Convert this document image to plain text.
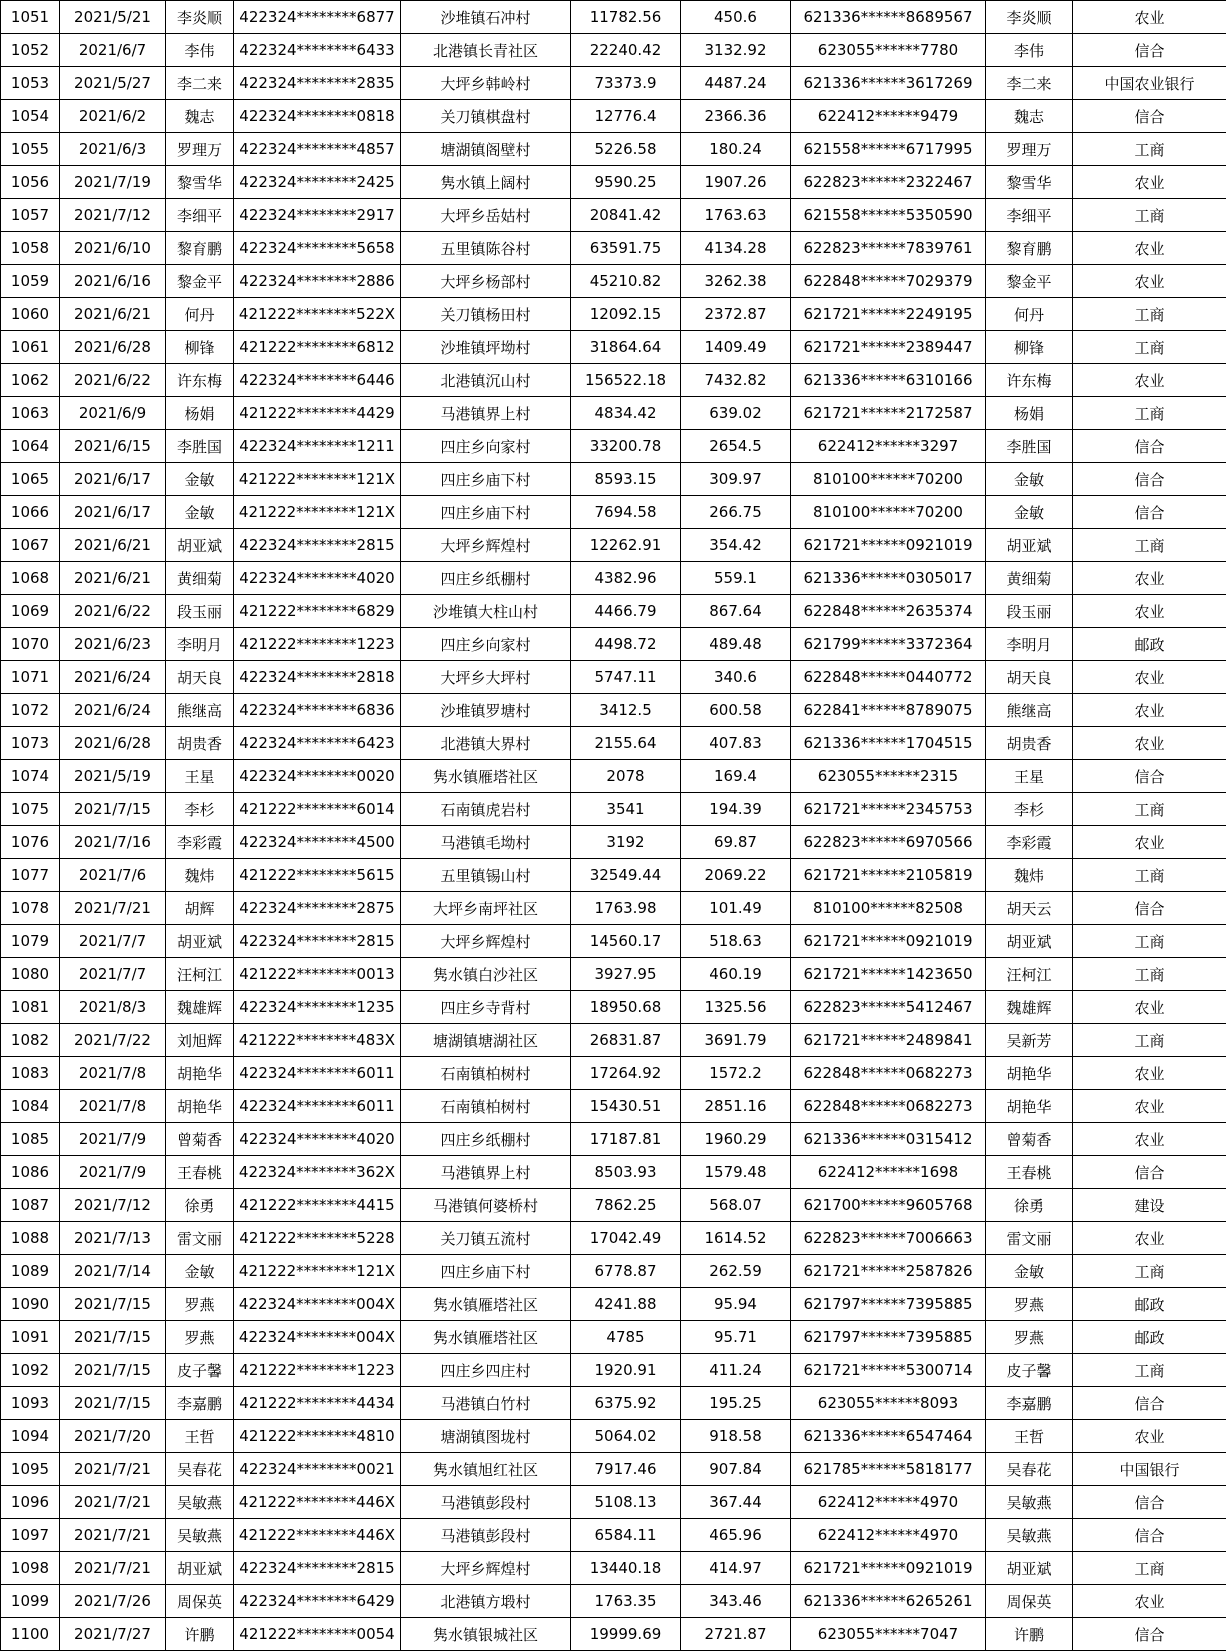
1051	2021/5/21	李炎顺	422324********6877	沙堆镇石冲村	11782.56	450.6	621336******8689567	李炎顺	农业
1052	2021/6/7	李伟	422324********6433	北港镇长青社区	22240.42	3132.92	623055******7780	李伟	信合
1053	2021/5/27	李二来	422324********2835	大坪乡韩岭村	73373.9	4487.24	621336******3617269	李二来	中国农业银行
1054	2021/6/2	魏志	422324********0818	关刀镇棋盘村	12776.4	2366.36	622412******9479	魏志	信合
1055	2021/6/3	罗理万	422324********4857	塘湖镇阁壁村	5226.58	180.24	621558******6717995	罗理万	工商
1056	2021/7/19	黎雪华	422324********2425	隽水镇上阔村	9590.25	1907.26	622823******2322467	黎雪华	农业
1057	2021/7/12	李细平	422324********2917	大坪乡岳姑村	20841.42	1763.63	621558******5350590	李细平	工商
1058	2021/6/10	黎育鹏	422324********5658	五里镇陈谷村	63591.75	4134.28	622823******7839761	黎育鹏	农业
1059	2021/6/16	黎金平	422324********2886	大坪乡杨部村	45210.82	3262.38	622848******7029379	黎金平	农业
1060	2021/6/21	何丹	421222********522X	关刀镇杨田村	12092.15	2372.87	621721******2249195	何丹	工商
1061	2021/6/28	柳锋	421222********6812	沙堆镇坪坳村	31864.64	1409.49	621721******2389447	柳锋	工商
1062	2021/6/22	许东梅	422324********6446	北港镇沉山村	156522.18	7432.82	621336******6310166	许东梅	农业
1063	2021/6/9	杨娟	421222********4429	马港镇界上村	4834.42	639.02	621721******2172587	杨娟	工商
1064	2021/6/15	李胜国	422324********1211	四庄乡向家村	33200.78	2654.5	622412******3297	李胜国	信合
1065	2021/6/17	金敏	421222********121X	四庄乡庙下村	8593.15	309.97	810100******70200	金敏	信合
1066	2021/6/17	金敏	421222********121X	四庄乡庙下村	7694.58	266.75	810100******70200	金敏	信合
1067	2021/6/21	胡亚斌	422324********2815	大坪乡辉煌村	12262.91	354.42	621721******0921019	胡亚斌	工商
1068	2021/6/21	黄细菊	422324********4020	四庄乡纸棚村	4382.96	559.1	621336******0305017	黄细菊	农业
1069	2021/6/22	段玉丽	421222********6829	沙堆镇大柱山村	4466.79	867.64	622848******2635374	段玉丽	农业
1070	2021/6/23	李明月	421222********1223	四庄乡向家村	4498.72	489.48	621799******3372364	李明月	邮政
1071	2021/6/24	胡天良	422324********2818	大坪乡大坪村	5747.11	340.6	622848******0440772	胡天良	农业
1072	2021/6/24	熊继高	422324********6836	沙堆镇罗塘村	3412.5	600.58	622841******8789075	熊继高	农业
1073	2021/6/28	胡贵香	422324********6423	北港镇大界村	2155.64	407.83	621336******1704515	胡贵香	农业
1074	2021/5/19	王星	422324********0020	隽水镇雁塔社区	2078	169.4	623055******2315	王星	信合
1075	2021/7/15	李杉	421222********6014	石南镇虎岩村	3541	194.39	621721******2345753	李杉	工商
1076	2021/7/16	李彩霞	422324********4500	马港镇毛坳村	3192	69.87	622823******6970566	李彩霞	农业
1077	2021/7/6	魏炜	421222********5615	五里镇锡山村	32549.44	2069.22	621721******2105819	魏炜	工商
1078	2021/7/21	胡辉	422324********2875	大坪乡南坪社区	1763.98	101.49	810100******82508	胡天云	信合
1079	2021/7/7	胡亚斌	422324********2815	大坪乡辉煌村	14560.17	518.63	621721******0921019	胡亚斌	工商
1080	2021/7/7	汪柯江	421222********0013	隽水镇白沙社区	3927.95	460.19	621721******1423650	汪柯江	工商
1081	2021/8/3	魏雄辉	422324********1235	四庄乡寺背村	18950.68	1325.56	622823******5412467	魏雄辉	农业
1082	2021/7/22	刘旭辉	421222********483X	塘湖镇塘湖社区	26831.87	3691.79	621721******2489841	吴新芳	工商
1083	2021/7/8	胡艳华	422324********6011	石南镇柏树村	17264.92	1572.2	622848******0682273	胡艳华	农业
1084	2021/7/8	胡艳华	422324********6011	石南镇柏树村	15430.51	2851.16	622848******0682273	胡艳华	农业
1085	2021/7/9	曾菊香	422324********4020	四庄乡纸棚村	17187.81	1960.29	621336******0315412	曾菊香	农业
1086	2021/7/9	王春桃	422324********362X	马港镇界上村	8503.93	1579.48	622412******1698	王春桃	信合
1087	2021/7/12	徐勇	421222********4415	马港镇何婆桥村	7862.25	568.07	621700******9605768	徐勇	建设
1088	2021/7/13	雷文丽	421222********5228	关刀镇五流村	17042.49	1614.52	622823******7006663	雷文丽	农业
1089	2021/7/14	金敏	421222********121X	四庄乡庙下村	6778.87	262.59	621721******2587826	金敏	工商
1090	2021/7/15	罗燕	422324********004X	隽水镇雁塔社区	4241.88	95.94	621797******7395885	罗燕	邮政
1091	2021/7/15	罗燕	422324********004X	隽水镇雁塔社区	4785	95.71	621797******7395885	罗燕	邮政
1092	2021/7/15	皮子馨	421222********1223	四庄乡四庄村	1920.91	411.24	621721******5300714	皮子馨	工商
1093	2021/7/15	李嘉鹏	421222********4434	马港镇白竹村	6375.92	195.25	623055******8093	李嘉鹏	信合
1094	2021/7/20	王哲	421222********4810	塘湖镇图垅村	5064.02	918.58	621336******6547464	王哲	农业
1095	2021/7/21	吴春花	422324********0021	隽水镇旭红社区	7917.46	907.84	621785******5818177	吴春花	中国银行
1096	2021/7/21	吴敏燕	421222********446X	马港镇彭段村	5108.13	367.44	622412******4970	吴敏燕	信合
1097	2021/7/21	吴敏燕	421222********446X	马港镇彭段村	6584.11	465.96	622412******4970	吴敏燕	信合
1098	2021/7/21	胡亚斌	422324********2815	大坪乡辉煌村	13440.18	414.97	621721******0921019	胡亚斌	工商
1099	2021/7/26	周保英	422324********6429	北港镇方塅村	1763.35	343.46	621336******6265261	周保英	农业
1100	2021/7/27	许鹏	421222********0054	隽水镇银城社区	19999.69	2721.87	623055******7047	许鹏	信合
